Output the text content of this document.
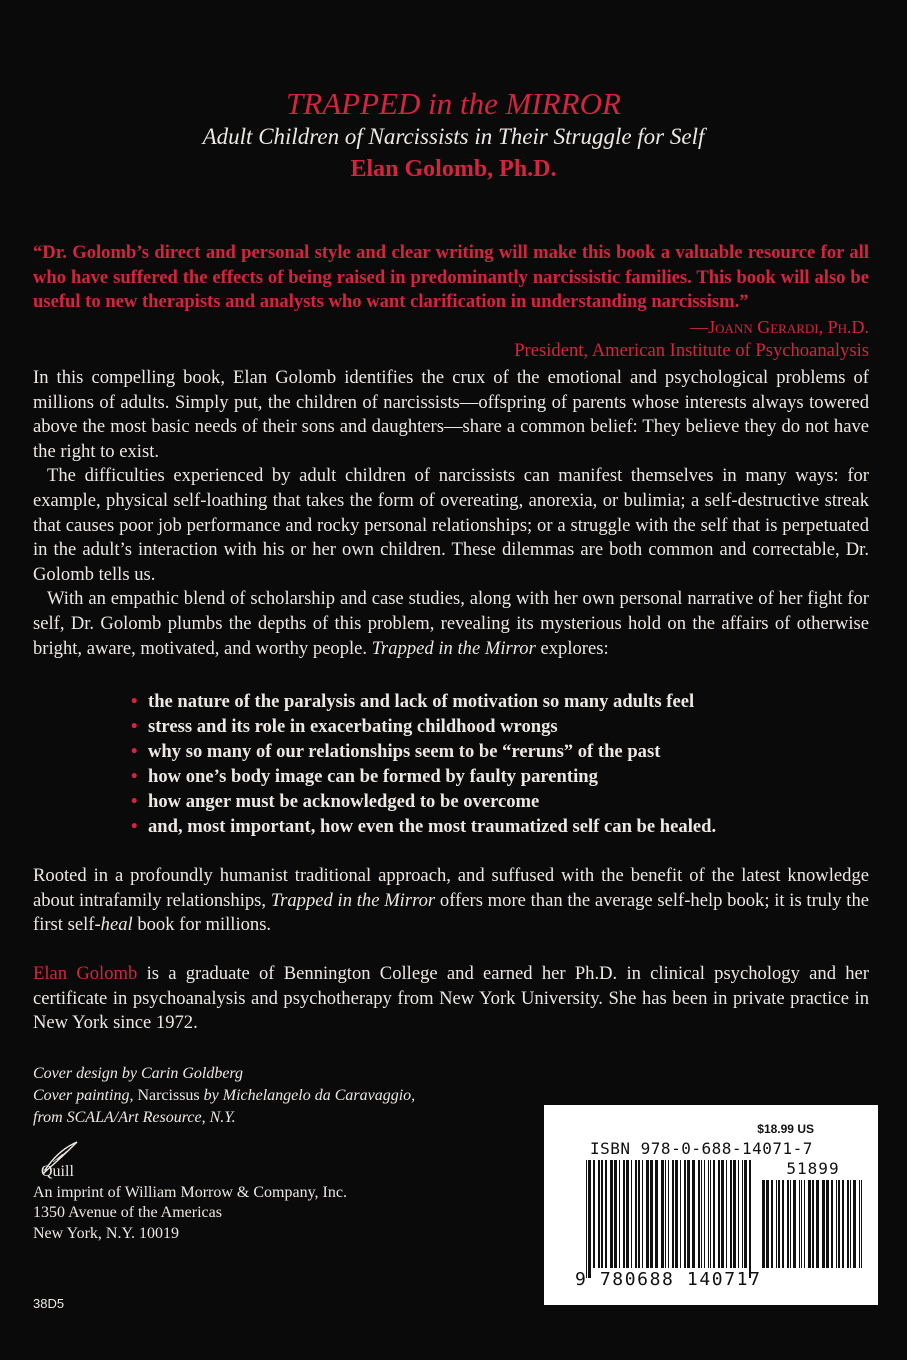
TRAPPED in the MIRROR
Adult Children of Narcissists in Their Struggle for Self
Elan Golomb, Ph.D.
“Dr. Golomb’s direct and personal style and clear writing will make this book a valuable resource for all who have suffered the effects of being raised in predominantly narcissistic families. This book will also be useful to new therapists and analysts who want clarification in understanding narcissism.”
—Joann Gerardi, Ph.D.
President, American Institute of Psychoanalysis

In this compelling book, Elan Golomb identifies the crux of the emotional and psychological problems of millions of adults. Simply put, the children of narcissists—offspring of parents whose interests always towered above the most basic needs of their sons and daughters—share a common belief: They believe they do not have the right to exist.

The difficulties experienced by adult children of narcissists can manifest themselves in many ways: for example, physical self-loathing that takes the form of overeating, anorexia, or bulimia; a self-destructive streak that causes poor job performance and rocky personal relationships; or a struggle with the self that is perpetuated in the adult’s interaction with his or her own children. These dilemmas are both common and correctable, Dr. Golomb tells us.

With an empathic blend of scholarship and case studies, along with her own personal narrative of her fight for self, Dr. Golomb plumbs the depths of this problem, revealing its mysterious hold on the affairs of otherwise bright, aware, motivated, and worthy people. Trapped in the Mirror explores:

• the nature of the paralysis and lack of motivation so many adults feel
• stress and its role in exacerbating childhood wrongs
• why so many of our relationships seem to be “reruns” of the past
• how one’s body image can be formed by faulty parenting
• how anger must be acknowledged to be overcome
• and, most important, how even the most traumatized self can be healed.
Rooted in a profoundly humanist traditional approach, and suffused with the benefit of the latest knowledge about intrafamily relationships, Trapped in the Mirror offers more than the average self-help book; it is truly the first self-heal book for millions.
Elan Golomb is a graduate of Bennington College and earned her Ph.D. in clinical psychology and her certificate in psychoanalysis and psychotherapy from New York University. She has been in private practice in New York since 1972.
Cover design by Carin Goldberg
Cover painting, Narcissus by Michelangelo da Caravaggio,
from SCALA/Art Resource, N.Y.
Quill
An imprint of William Morrow & Company, Inc.
1350 Avenue of the Americas
New York, N.Y. 10019
38D5
$18.99 US
ISBN 978-0-688-14071-7
51899
9 780688 140717
